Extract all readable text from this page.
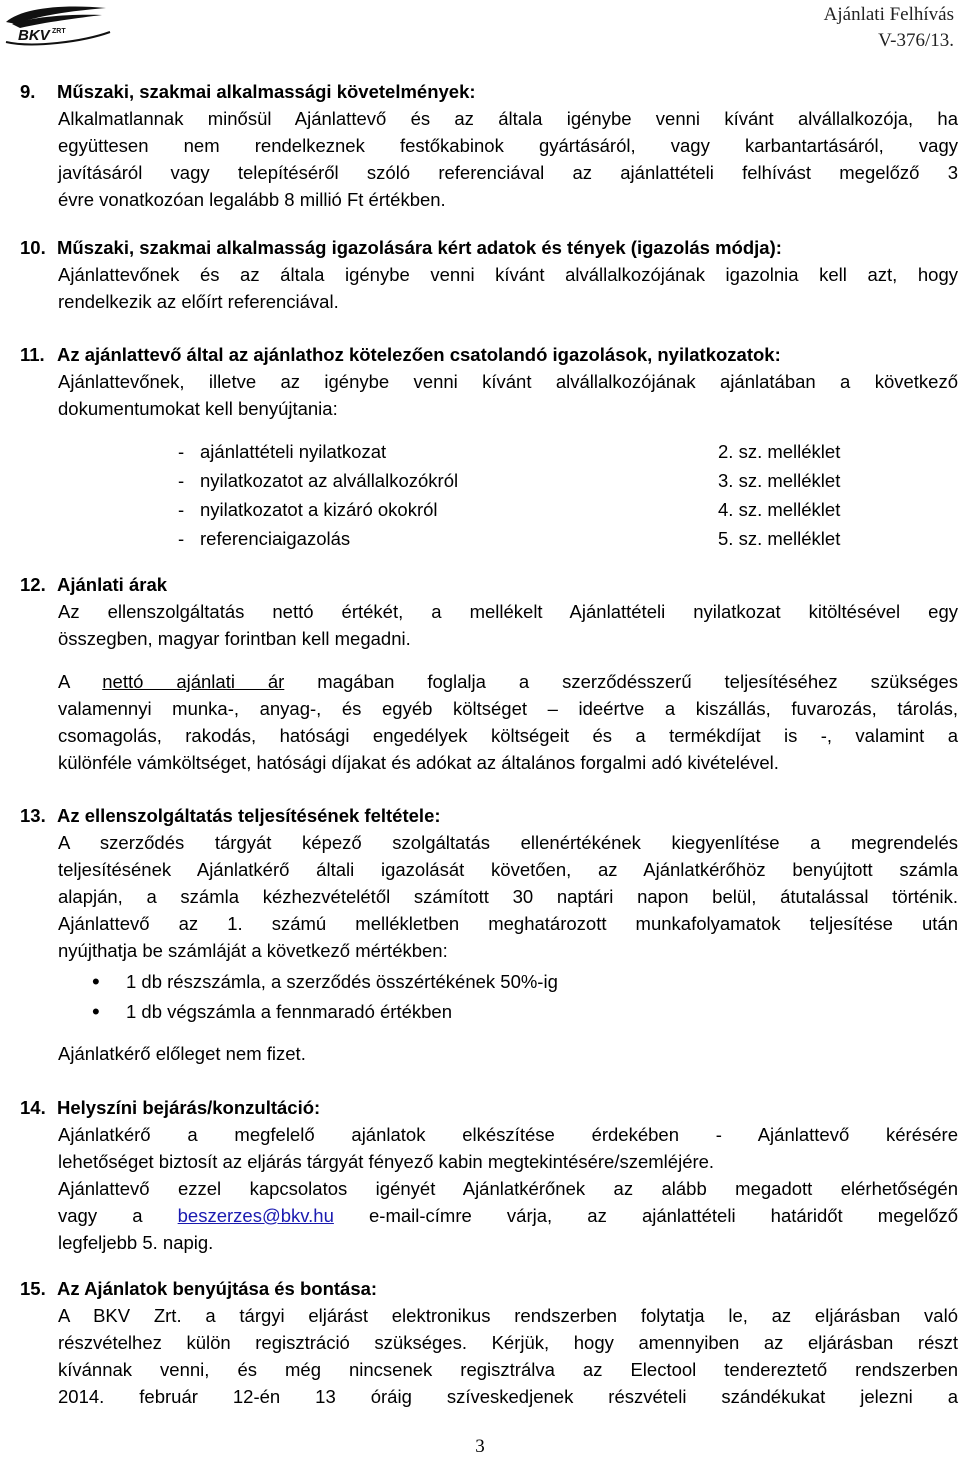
BKV ZRT
Ajánlati Felhívás
V-376/13.
9.	Műszaki, szakmai alkalmassági követelmények:
Alkalmatlannak minősül Ajánlattevő és az általa igénybe venni kívánt alvállalkozója, ha
együttesen nem rendelkeznek festőkabinok gyártásáról, vagy karbantartásáról, vagy
javításáról vagy telepítéséről szóló referenciával az ajánlattételi felhívást megelőző 3
évre vonatkozóan legalább 8 millió Ft értékben.
10. Műszaki, szakmai alkalmasság igazolására kért adatok és tények (igazolás módja):
Ajánlattevőnek és az általa igénybe venni kívánt alvállalkozójának igazolnia kell azt, hogy
rendelkezik az előírt referenciával.
11. Az ajánlattevő által az ajánlathoz kötelezően csatolandó igazolások, nyilatkozatok:
Ajánlattevőnek, illetve az igénybe venni kívánt alvállalkozójának ajánlatában a következő
dokumentumokat kell benyújtania:
- ajánlattételi nyilatkozat	2. sz. melléklet
- nyilatkozatot az alvállalkozókról	3. sz. melléklet
- nyilatkozatot a kizáró okokról	4. sz. melléklet
- referenciaigazolás	5. sz. melléklet
12. Ajánlati árak
Az ellenszolgáltatás nettó értékét, a mellékelt Ajánlattételi nyilatkozat kitöltésével egy
összegben, magyar forintban kell megadni.
A nettó ajánlati ár magában foglalja a szerződésszerű teljesítéséhez szükséges
valamennyi munka-, anyag-, és egyéb költséget – ideértve a kiszállás, fuvarozás, tárolás,
csomagolás, rakodás, hatósági engedélyek költségeit és a termékdíjat is -, valamint a
különféle vámköltséget, hatósági díjakat és adókat az általános forgalmi adó kivételével.
13. Az ellenszolgáltatás teljesítésének feltétele:
A szerződés tárgyát képező szolgáltatás ellenértékének kiegyenlítése a megrendelés
teljesítésének Ajánlatkérő általi igazolását követően, az Ajánlatkérőhöz benyújtott számla
alapján, a számla kézhezvételétől számított 30 naptári napon belül, átutalással történik.
Ajánlattevő az 1. számú mellékletben meghatározott munkafolyamatok teljesítése után
nyújthatja be számláját a következő mértékben:
•	1 db részszámla, a szerződés összértékének 50%-ig
•	1 db végszámla a fennmaradó értékben
Ajánlatkérő előleget nem fizet.
14. Helyszíni bejárás/konzultáció:
Ajánlatkérő a megfelelő ajánlatok elkészítése érdekében - Ajánlattevő kérésére
lehetőséget biztosít az eljárás tárgyát fényező kabin megtekintésére/szemléjére.
Ajánlattevő ezzel kapcsolatos igényét Ajánlatkérőnek az alább megadott elérhetőségén
vagy a beszerzes@bkv.hu e-mail-címre várja, az ajánlattételi határidőt megelőző
legfeljebb 5. napig.
15. Az Ajánlatok benyújtása és bontása:
A BKV Zrt. a tárgyi eljárást elektronikus rendszerben folytatja le, az eljárásban való
részvételhez külön regisztráció szükséges. Kérjük, hogy amennyiben az eljárásban részt
kívánnak venni, és még nincsenek regisztrálva az Electool tendereztető rendszerben
2014. február 12-én 13 óráig szíveskedjenek részvételi szándékukat jelezni a
3
